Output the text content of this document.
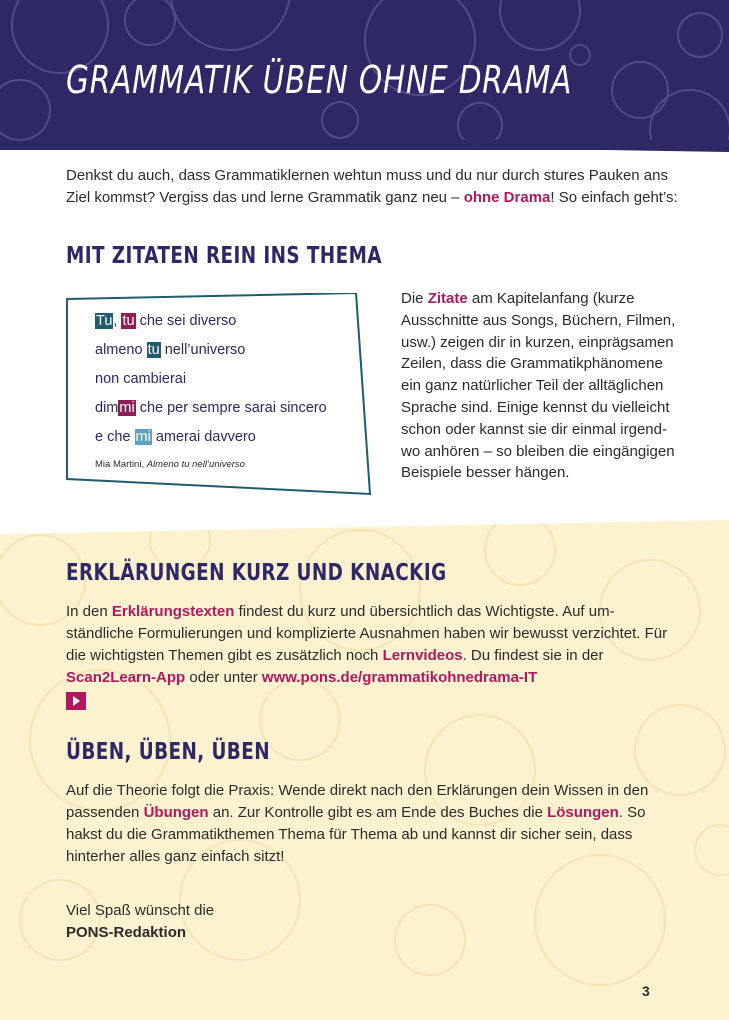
GRAMMATIK ÜBEN OHNE DRAMA
Denkst du auch, dass Grammatiklernen wehtun muss und du nur durch stures Pauken ans Ziel kommst? Vergiss das und lerne Grammatik ganz neu – ohne Drama! So einfach geht’s:
MIT ZITATEN REIN INS THEMA
Tu, tu che sei diverso
almeno tu nell’universo
non cambierai
dimmi che per sempre sarai sincero
e che mi amerai davvero
Mia Martini, Almeno tu nell’universo
Die Zitate am Kapitelanfang (kurze Ausschnitte aus Songs, Büchern, Filmen, usw.) zeigen dir in kurzen, einprägsamen Zeilen, dass die Grammatikphänomene ein ganz natürlicher Teil der alltäglichen Sprache sind. Einige kennst du vielleicht schon oder kannst sie dir einmal irgend-wo anhören – so bleiben die eingängigen Beispiele besser hängen.
ERKLÄRUNGEN KURZ UND KNACKIG
In den Erklärungstexten findest du kurz und übersichtlich das Wichtigste. Auf um-ständliche Formulierungen und komplizierte Ausnahmen haben wir bewusst verzichtet. Für die wichtigsten Themen gibt es zusätzlich noch Lernvideos. Du findest sie in der Scan2Learn-App oder unter www.pons.de/grammatikohnedrama-IT
ÜBEN, ÜBEN, ÜBEN
Auf die Theorie folgt die Praxis: Wende direkt nach den Erklärungen dein Wissen in den passenden Übungen an. Zur Kontrolle gibt es am Ende des Buches die Lösungen. So hakst du die Grammatikthemen Thema für Thema ab und kannst dir sicher sein, dass hinterher alles ganz einfach sitzt!
Viel Spaß wünscht die
PONS-Redaktion
3
